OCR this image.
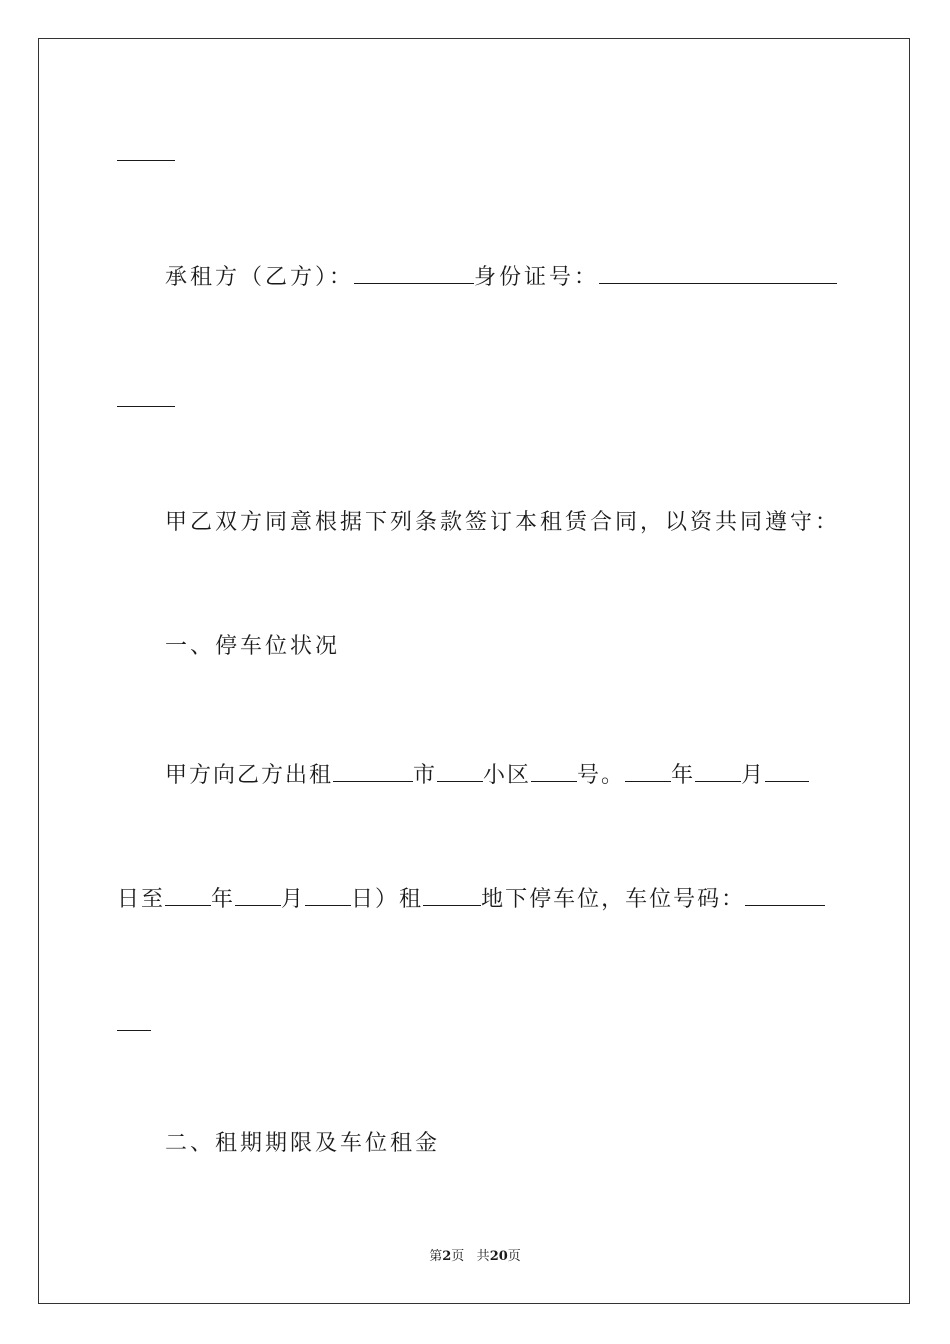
承租方（乙方）：	身份证号：
甲乙双方同意根据下列条款签订本租赁合同，以资共同遵守：
一、停车位状况
甲方向乙方出租	市 小区 号。 年 月
日至 年 月 日）租	地下停车位，车位号码：
二、租期期限及车位租金
第2页 共20页
